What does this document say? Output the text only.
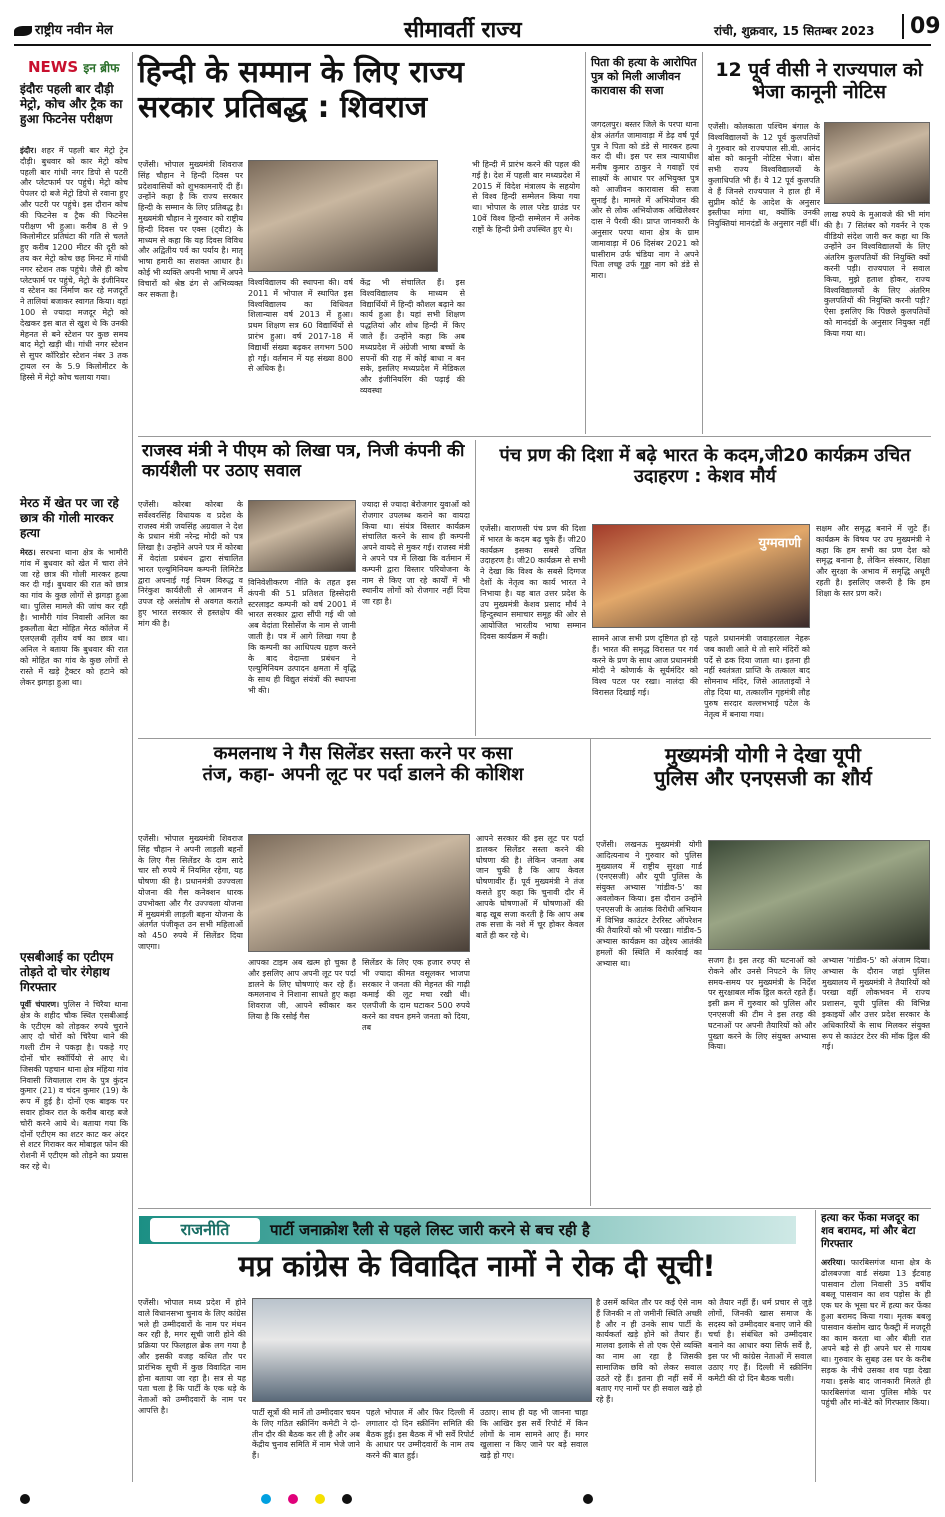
राष्ट्रीय नवीन मेल	सीमावर्ती राज्य	रांची, शुक्रवार, 15 सितम्बर 2023	09
NEWS इन ब्रीफ
इंदौरः पहली बार दौड़ी मेट्रो, कोच और ट्रैक का हुआ फिटनेस परीक्षण
इंदौर। शहर में पहली बार मेट्रो ट्रेन दौड़ी। बुधवार को कार मेट्रो कोच पहली बार गांधी नगर डिपो से पटरी और प्लेटफार्म पर पहुंचे। मेट्रो कोच पेपलर दो बजे मेट्रो डिपो से रवाना हुए और पटरी पर पहुंचे। इस दौरान कोच की फिटनेस व ट्रैक की फिटनेस परीक्षण भी हुआ। करीब 8 से 9 किलोमीटर प्रतिघंटा की गति से चलते हुए करीब 1200 मीटर की दूरी को तय कर मेट्रो कोच छह मिनट में गांधी नगर स्टेशन तक पहुंचे। जैसे ही कोच प्लेटफार्म पर पहुंचे, मेट्रो के इंजीनियर व स्टेशन का निर्माण कर रहे मजदूरों ने तालियां बजाकर स्वागत किया। वहां 100 से ज्यादा मजदूर मेट्रो को देखकर इस बात से खुश थे कि उनकी मेहनत से बने स्टेशन पर कुछ समय बाद मेट्रो खड़ी थी। गांधी नगर स्टेशन से सुपर कॉरिडोर स्टेशन नंबर 3 तक ट्रायल रन के 5.9 किलोमीटर के हिस्से में मेट्रो कोच चलाया गया।
मेरठ में खेत पर जा रहे छात्र की गोली मारकर हत्या
मेरठ। सरधना थाना क्षेत्र के भामौरी गांव में बुधवार को खेत में चारा लेने जा रहे छात्र की गोली मारकर हत्या कर दी गई। बुधवार की रात को छात्र का गांव के कुछ लोगों से झगड़ा हुआ था। पुलिस मामले की जांच कर रही है। भामौरी गांव निवासी अनिल का इकलौता बेटा मोहित मेरठ कॉलेज में एलएलबी तृतीय वर्ष का छात्र था। अनिल ने बताया कि बुधवार की रात को मोहित का गांव के कुछ लोगों से रास्ते में खड़े ट्रैक्टर को हटाने को लेकर झगड़ा हुआ था।
एसबीआई का एटीएम तोड़ते दो चोर रंगेहाथ गिरफ्तार
पूर्वी चंपारण। पुलिस ने चिरैया थाना क्षेत्र के शहीद चौक स्थित एसबीआई के एटीएम को तोड़कर रुपये चुराने आए दो चोरों को चिरैया थाने की गश्ती टीम ने पकड़ा है। पकड़े गए दोनों चोर स्कॉर्पियो से आए थे। जिसकी पहचान थाना क्षेत्र मंहिया गांव निवासी जियालाल राम के पुत्र कुंदन कुमार (21) व चंदन कुमार (19) के रूप में हुई है। दोनों एक बाइक पर सवार होकर रात के करीब बारह बजे चोरी करने आये थे। बताया गया कि दोनों एटीएम का शटर काट कर अंदर से शटर गिराकर कर मोबाइल फोन की रोशनी में एटीएम को तोड़ने का प्रयास कर रहे थे।
हिन्दी के सम्मान के लिए राज्य
सरकार प्रतिबद्ध : शिवराज
एजेंसी। भोपाल मुख्यमंत्री शिवराज सिंह चौहान ने हिन्दी दिवस पर प्रदेशवासियों को शुभकामनाएँ दी हैं। उन्होंने कहा है कि राज्य सरकार हिन्दी के सम्मान के लिए प्रतिबद्ध है। मुख्यमंत्री चौहान ने गुरुवार को राष्ट्रीय हिन्दी दिवस पर एक्स (ट्वीट) के माध्यम से कहा कि यह दिवस विविध और अद्वितीय पर्व का पर्याय है। मातृ भाषा हमारी का सशक्त आधार है। कोई भी व्यक्ति अपनी भाषा में अपने विचारों को श्रेष्ठ ढंग से अभिव्यक्त कर सकता है।
विश्वविद्यालय की स्थापना की। वर्ष 2011 में भोपाल में स्थापित इस विश्वविद्यालय का विधिवत शिलान्यास वर्ष 2013 में हुआ। प्रथम शिक्षण सत्र 60 विद्यार्थियों से प्रारंभ हुआ। वर्ष 2017-18 में विद्यार्थी संख्या बढ़कर लगभग 500 हो गई। वर्तमान में यह संख्या 800 से अधिक है।
केंद्र भी संचालित हैं। इस विश्वविद्यालय के माध्यम से विद्यार्थियों में हिन्दी कौशल बढ़ाने का कार्य हुआ है। यहां सभी शिक्षण पद्धतियां और शोध हिन्दी में किए जाते हैं। उन्होंने कहा कि अब मध्यप्रदेश में अंग्रेजी भाषा बच्चों के सपनों की राह में कोई बाधा न बन सके, इसलिए मध्यप्रदेश में मेडिकल और इंजीनियरिंग की पढ़ाई की व्यवस्था
भी हिन्दी में प्रारंभ करने की पहल की गई है। देश में पहली बार मध्यप्रदेश में 2015 में विदेश मंत्रालय के सहयोग से विश्व हिन्दी सम्मेलन किया गया था। भोपाल के लाल परेड ग्राउंड पर 10वें विश्व हिन्दी सम्मेलन में अनेक राष्ट्रों के हिन्दी प्रेमी उपस्थित हुए थे।
पिता की हत्या के आरोपित पुत्र को मिली आजीवन कारावास की सजा
जगदलपुर। बस्तर जिले के परपा थाना क्षेत्र अंतर्गत जामावाड़ा में डेढ़ वर्ष पूर्व पुत्र ने पिता को डंडे से मारकर हत्या कर दी थी। इस पर सत्र न्यायाधीश मनीष कुमार ठाकुर ने गवाहों एवं साक्ष्यों के आधार पर अभियुक्त पुत्र को आजीवन कारावास की सजा सुनाई है। मामले में अभियोजन की ओर से लोक अभियोजक अखिलेश्वर दास ने पैरवी की। प्राप्त जानकारी के अनुसार परपा थाना क्षेत्र के ग्राम जामावाड़ा में 06 दिसंबर 2021 को घासीराम उर्फ चंडिया नाग ने अपने पिता लच्छू उर्फ गुड्डा नाग को डंडे से मारा।
12 पूर्व वीसी ने राज्यपाल को भेजा कानूनी नोटिस
एजेंसी। कोलकाता पश्चिम बंगाल के विश्वविद्यालयों के 12 पूर्व कुलपतियों ने गुरुवार को राज्यपाल सी.वी. आनंद बोस को कानूनी नोटिस भेजा। बोस सभी राज्य विश्वविद्यालयों के कुलाधिपति भी हैं। ये 12 पूर्व कुलपति वे हैं जिनसे राज्यपाल ने हाल ही में सुप्रीम कोर्ट के आदेश के अनुसार इस्तीफा मांगा था, क्योंकि उनकी नियुक्तियां मानदंडों के अनुसार नहीं थीं।
लाख रुपये के मुआवजे की भी मांग की है। 7 सितंबर को गवर्नर ने एक वीडियो संदेश जारी कर कहा था कि उन्होंने उन विश्वविद्यालयों के लिए अंतरिम कुलपतियों की नियुक्ति क्यों करनी पड़ी। राज्यपाल ने सवाल किया, मुझे हताश होकर, राज्य विश्वविद्यालयों के लिए अंतरिम कुलपतियों की नियुक्ति करनी पड़ी? ऐसा इसलिए कि पिछले कुलपतियों को मानदंडों के अनुसार नियुक्त नहीं किया गया था।
राजस्व मंत्री ने पीएम को लिखा पत्र, निजी कंपनी की कार्यशैली पर उठाए सवाल
एजेंसी। कोरबा कोरबा के सर्वेश्वरसिंह विधायक व प्रदेश के राजस्व मंत्री जयसिंह अग्रवाल ने देश के प्रधान मंत्री नरेन्द्र मोदी को पत्र लिखा है। उन्होंने अपने पत्र में कोरबा में वेदांता प्रबंधन द्वारा संचालित भारत एल्युमिनियम कम्पनी लिमिटेड द्वारा अपनाई गई नियम विरुद्ध व निरंकुश कार्यशैली से आमजन में उपज रहे असंतोष से अवगत कराते हुए भारत सरकार से हस्तक्षेप की मांग की है।
विनिवेशीकरण नीति के तहत इस कंपनी की 51 प्रतिशत हिस्सेदारी स्टरलाइट कम्पनी को वर्ष 2001 में भारत सरकार द्वारा सौंपी गई थी जो अब वेदांता रिसोर्सेज के नाम से जानी जाती है। पत्र में आगे लिखा गया है कि कम्पनी का आधिपत्य ग्रहण करने के बाद वेदान्ता प्रबंधन ने एल्युमिनियम उत्पादन क्षमता में वृद्धि के साथ ही विद्युत संयंत्रों की स्थापना भी की।
ज्यादा से ज्यादा बेरोजगार युवाओं को रोजगार उपलब्ध कराने का वायदा किया था। संयंत्र विस्तार कार्यक्रम संचालित करने के साथ ही कम्पनी अपने वायदे से मुकर गई। राजस्व मंत्री ने अपने पत्र में लिखा कि वर्तमान में कम्पनी द्वारा विस्तार परियोजना के नाम से किए जा रहे कार्यों में भी स्थानीय लोगों को रोजगार नहीं दिया जा रहा है।
पंच प्रण की दिशा में बढ़े भारत के कदम,जी20 कार्यक्रम उचित उदाहरण : केशव मौर्य
एजेंसी। वाराणसी पंच प्रण की दिशा में भारत के कदम बढ़ चुके हैं। जी20 कार्यक्रम इसका सबसे उचित उदाहरण है। जी20 कार्यक्रम से सभी ने देखा कि विश्व के सबसे दिग्गज देशों के नेतृत्व का कार्य भारत ने निभाया है। यह बात उत्तर प्रदेश के उप मुख्यमंत्री केशव प्रसाद मौर्य ने हिन्दुस्थान समाचार समूह की ओर से आयोजित भारतीय भाषा सम्मान दिवस कार्यक्रम में कही।
युग्मवाणी
सामने आज सभी प्रण दृष्टिगत हो रहे हैं। भारत की समृद्ध विरासत पर गर्व करने के प्रण के साथ आज प्रधानमंत्री मोदी ने कोणार्क के सूर्यमंदिर को विश्व पटल पर रखा। नालंदा की विरासत दिखाई गई।
पहले प्रधानमंत्री जवाहरलाल नेहरू जब काशी आते थे तो सारे मंदिरों को पर्दे से ढक दिया जाता था। इतना ही नहीं स्वतंत्रता प्राप्ति के तत्काल बाद सोमनाथ मंदिर, जिसे आतताइयों ने तोड़ दिया था, तत्कालीन गृहमंत्री लौह पुरुष सरदार वल्लभभाई पटेल के नेतृत्व में बनाया गया।
सक्षम और समृद्ध बनाने में जुटे हैं। कार्यक्रम के विषय पर उप मुख्यमंत्री ने कहा कि हम सभी का प्रण देश को समृद्ध बनाना है, लेकिन संस्कार, शिक्षा और सुरक्षा के अभाव में समृद्धि अधूरी रहती है। इसलिए जरूरी है कि हम शिक्षा के स्तर प्रण करें।
कमलनाथ ने गैस सिलेंडर सस्ता करने पर कसा
तंज, कहा- अपनी लूट पर पर्दा डालने की कोशिश
एजेंसी। भोपाल मुख्यमंत्री शिवराज सिंह चौहान ने अपनी लाड़ली बहनों के लिए गैस सिलेंडर के दाम सादे चार सौ रुपये में नियमित रहेगा, यह घोषणा की है। प्रधानमंत्री उज्ज्वला योजना की गैस कनेक्शन धारक उपभोक्ता और गैर उज्ज्वला योजना में मुख्यमंत्री लाड़ली बहना योजना के अंतर्गत पंजीकृत उन सभी महिलाओं को 450 रुपये में सिलेंडर दिया जाएगा।
आपका टाइम अब खत्म हो चुका है और इसलिए आप अपनी लूट पर पर्दा डालने के लिए घोषणाएं कर रहे हैं। कमलनाथ ने निशाना साधते हुए कहा शिवराज जी, आपने स्वीकार कर लिया है कि रसोई गैस
सिलेंडर के लिए एक हजार रुपए से भी ज्यादा कीमत वसूलकर भाजपा सरकार ने जनता की मेहनत की गाढ़ी कमाई की लूट मचा रखी थी। एलपीजी के दाम घटाकर 500 रुपये करने का वचन हमने जनता को दिया, तब
आपने सरकार की इस लूट पर पर्दा डालकर सिलेंडर सस्ता करने की घोषणा की है। लेकिन जनता अब जान चुकी है कि आप केवल घोषणावीर हैं। पूर्व मुख्यमंत्री ने तंज कसते हुए कहा कि चुनावी दौर में आपके घोषणाओं में घोषणाओं की बाढ़ खूब सजा करती है कि आप अब तक सत्ता के नशे में चूर होकर केवल बातें ही कर रहे थे।
मुख्यमंत्री योगी ने देखा यूपी
पुलिस और एनएसजी का शौर्य
एजेंसी। लखनऊ मुख्यमंत्री योगी आदित्यनाथ ने गुरुवार को पुलिस मुख्यालय में राष्ट्रीय सुरक्षा गार्ड (एनएसजी) और यूपी पुलिस के संयुक्त अभ्यास 'गांडीव-5' का अवलोकन किया। इस दौरान उन्होंने एनएसजी के आतंक विरोधी अभियान में विभिन्न काउंटर टेररिस्ट ऑपरेशन की तैयारियों को भी परखा। गांडीव-5 अभ्यास कार्यक्रम का उद्देश्य आतंकी हमलों की स्थिति में कार्रवाई का अभ्यास था।	सजग है। इस तरह की घटनाओं को रोकने और उनसे निपटने के लिए समय-समय पर मुख्यमंत्री के निर्देश पर सुरक्षाबल मॉक ड्रिल करते रहते हैं। इसी क्रम में गुरुवार को पुलिस और एनएसजी की टीम ने इस तरह की घटनाओं पर अपनी तैयारियों को और पुख्ता करने के लिए संयुक्त अभ्यास किया।
अभ्यास 'गांडीव-5' को अंजाम दिया। अभ्यास के दौरान जहां पुलिस मुख्यालय में मुख्यमंत्री ने तैयारियों को परखा वहीं लोकभवन में राज्य प्रशासन, यूपी पुलिस की विभिन्न इकाइयों और उत्तर प्रदेश सरकार के अधिकारियों के साथ मिलकर संयुक्त रूप से काउंटर टेरर की मॉक ड्रिल की गई।
राजनीति	पार्टी जनाक्रोश रैली से पहले लिस्ट जारी करने से बच रही है
मप्र कांग्रेस के विवादित नामों ने रोक दी सूची!
एजेंसी। भोपाल मध्य प्रदेश में होने वाले विधानसभा चुनाव के लिए कांग्रेस भले ही उम्मीदवारों के नाम पर मंथन कर रही है, मगर सूची जारी होने की प्रक्रिया पर फिलहाल ब्रेक लग गया है और इसकी वजह कथित तौर पर प्रारंभिक सूची में कुछ विवादित नाम होना बताया जा रहा है। सत्र से यह पता चला है कि पार्टी के एक धड़े के नेताओं को उम्मीदवारों के नाम पर आपत्ति है।	पार्टी सूत्रों की मानें तो उम्मीदवार चयन के लिए गठित स्क्रीनिंग कमेटी ने दो-तीन दौर की बैठक कर ली है और अब केंद्रीय चुनाव समिति में नाम भेजे जाने हैं।
पहले भोपाल में और फिर दिल्ली में लगातार दो दिन स्क्रीनिंग समिति की बैठक हुई। इस बैठक में भी सर्वे रिपोर्ट के आधार पर उम्मीदवारों के नाम तय करने की बात हुई।
उठाए। साथ ही यह भी जानना चाहा कि आखिर इस सर्वे रिपोर्ट में किन लोगों के नाम सामने आए हैं। मगर खुलासा न किए जाने पर बड़े सवाल खड़े हो गए।
है उसमें कथित तौर पर कई ऐसे नाम हैं जिनकी न तो जमीनी स्थिति अच्छी है और न ही उनके साथ पार्टी के कार्यकर्ता खड़े होने को तैयार हैं। मालवा इलाके से तो एक ऐसे व्यक्ति का नाम आ रहा है जिसकी सामाजिक छवि को लेकर सवाल उठते रहे हैं। इतना ही नहीं सर्वे में बताए गए नामों पर ही सवाल खड़े हो रहे हैं।
को तैयार नहीं हैं। धर्म प्रचार से जुड़े लोगों, जिनकी खास समाज के सदस्य को उम्मीदवार बनाए जाने की चर्चा है। संबंधित को उम्मीदवार बनाने का आधार क्या सिर्फ सर्वे है, इस पर भी कांग्रेस नेताओं में सवाल उठाए गए हैं। दिल्ली में स्क्रीनिंग कमेटी की दो दिन बैठक चली।
हत्या कर फेंका मजदूर का शव बरामद, मां और बेटा गिरफ्तार
अररिया। फारबिसगंज थाना क्षेत्र के ढोलबज्जा वार्ड संख्या 13 ईंटवाह पासवान टोला निवासी 35 वर्षीय बबलू पासवान का शव पड़ोस के ही एक घर के भूसा घर में हत्या कर फेंका हुआ बरामद किया गया। मृतक बबलू पासवान कंसोम खाद फैक्ट्री में मजदूरी का काम करता था और बीती रात अपने बड़े से ही अपने घर से गायब था। गुरुवार के सुबह उस घर के करीब सड़क के नीचे उसका शव पड़ा देखा गया। इसके बाद जानकारी मिलते ही फारबिसगंज थाना पुलिस मौके पर पहुंची और मां-बेटे को गिरफ्तार किया।
